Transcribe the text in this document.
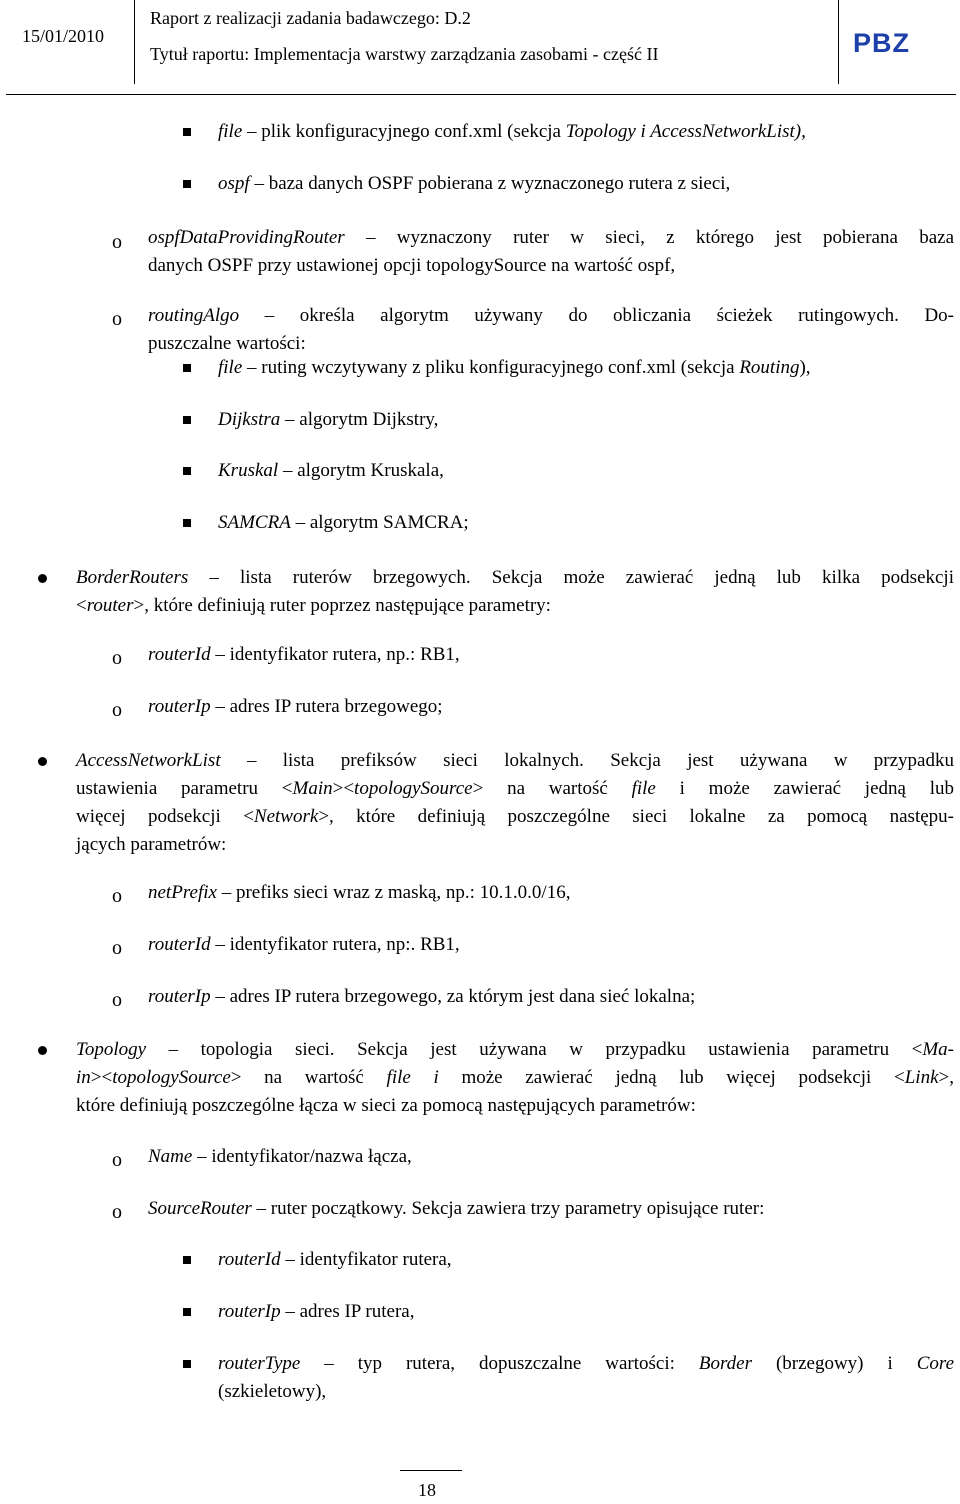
15/01/2010
Raport z realizacji zadania badawczego: D.2
Tytuł raportu: Implementacja warstwy zarządzania zasobami - część II	PBZ
file – plik konfiguracyjnego conf.xml (sekcja Topology i AccessNetworkList),
ospf – baza danych OSPF pobierana z wyznaczonego rutera z sieci,
o ospfDataProvidingRouter – wyznaczony ruter w sieci, z którego jest pobierana baza
danych OSPF przy ustawionej opcji topologySource na wartość ospf,
o routingAlgo – określa algorytm używany do obliczania ścieżek rutingowych. Do-
puszczalne wartości:
file – ruting wczytywany z pliku konfiguracyjnego conf.xml (sekcja Routing),
Dijkstra – algorytm Dijkstry,
Kruskal – algorytm Kruskala,
SAMCRA – algorytm SAMCRA;
BorderRouters – lista ruterów brzegowych. Sekcja może zawierać jedną lub kilka podsekcji
<router>, które definiują ruter poprzez następujące parametry:
o routerId – identyfikator rutera, np.: RB1,
o routerIp – adres IP rutera brzegowego;
AccessNetworkList – lista prefiksów sieci lokalnych. Sekcja jest używana w przypadku
ustawienia parametru <Main><topologySource> na wartość file i może zawierać jedną lub
więcej podsekcji <Network>, które definiują poszczególne sieci lokalne za pomocą następu-
jących parametrów:
o netPrefix – prefiks sieci wraz z maską, np.: 10.1.0.0/16,
o routerId – identyfikator rutera, np:. RB1,
o routerIp – adres IP rutera brzegowego, za którym jest dana sieć lokalna;
Topology – topologia sieci. Sekcja jest używana w przypadku ustawienia parametru <Ma-
in><topologySource> na wartość file i może zawierać jedną lub więcej podsekcji <Link>,
które definiują poszczególne łącza w sieci za pomocą następujących parametrów:
o Name – identyfikator/nazwa łącza,
o SourceRouter – ruter początkowy. Sekcja zawiera trzy parametry opisujące ruter:
routerId – identyfikator rutera,
routerIp – adres IP rutera,
routerType – typ rutera, dopuszczalne wartości: Border (brzegowy) i Core
(szkieletowy),
18
